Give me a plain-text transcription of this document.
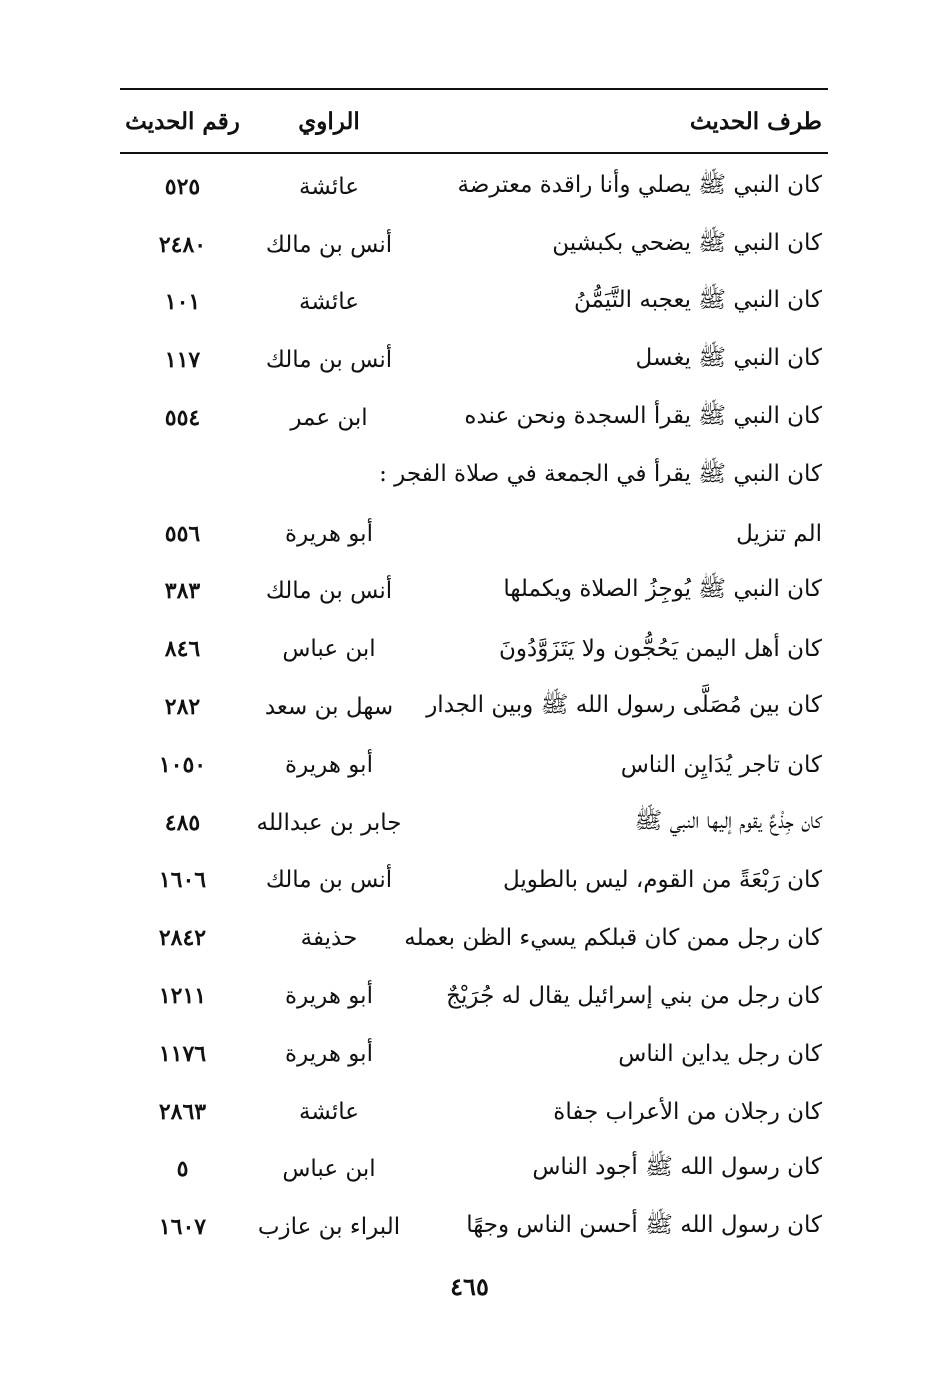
طرف الحديث
الراوي
رقم الحديث
كان النبي ﷺ يصلي وأنا راقدة معترضة
عائشة
٥٢٥
كان النبي ﷺ يضحي بكبشين
أنس بن مالك
٢٤٨٠
كان النبي ﷺ يعجبه التَّيَمُّنُ
عائشة
١٠١
كان النبي ﷺ يغسل
أنس بن مالك
١١٧
كان النبي ﷺ يقرأ السجدة ونحن عنده
ابن عمر
٥٥٤
كان النبي ﷺ يقرأ في الجمعة في صلاة الفجر :
الم تنزيل
أبو هريرة
٥٥٦
كان النبي ﷺ يُوجِزُ الصلاة ويكملها
أنس بن مالك
٣٨٣
كان أهل اليمن يَحُجُّون ولا يَتَزَوَّدُونَ
ابن عباس
٨٤٦
كان بين مُصَلَّى رسول الله ﷺ وبين الجدار
سهل بن سعد
٢٨٢
كان تاجر يُدَايِن الناس
أبو هريرة
١٠٥٠
كان جِذْعٌ يقوم إليها النبي ﷺ
جابر بن عبدالله
٤٨٥
كان رَبْعَةً من القوم، ليس بالطويل
أنس بن مالك
١٦٠٦
كان رجل ممن كان قبلكم يسيء الظن بعمله
حذيفة
٢٨٤٢
كان رجل من بني إسرائيل يقال له جُرَيْجٌ
أبو هريرة
١٢١١
كان رجل يداين الناس
أبو هريرة
١١٧٦
كان رجلان من الأعراب جفاة
عائشة
٢٨٦٣
كان رسول الله ﷺ أجود الناس
ابن عباس
٥
كان رسول الله ﷺ أحسن الناس وجهًا
البراء بن عازب
١٦٠٧
٤٦٥
